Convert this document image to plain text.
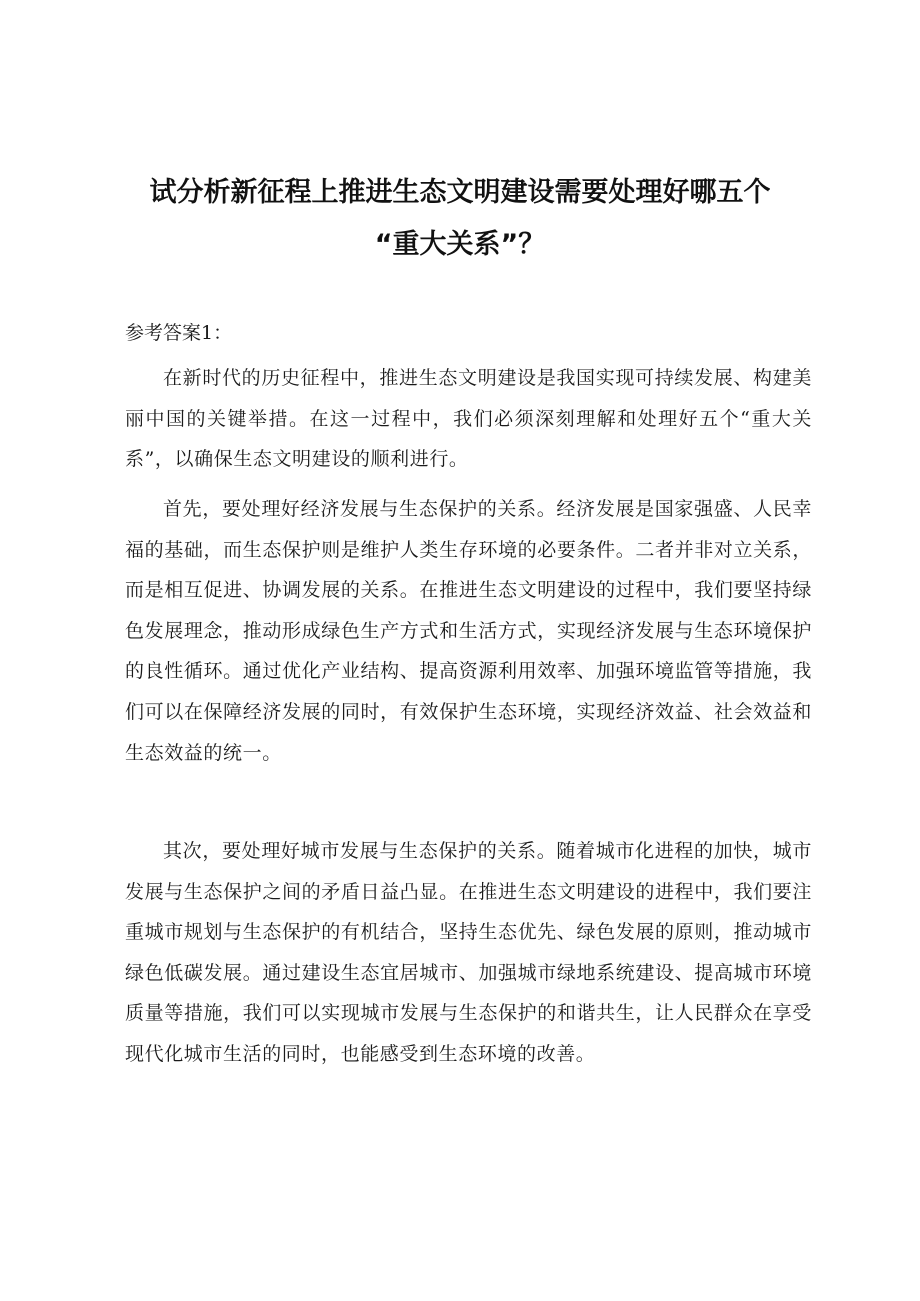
试分析新征程上推进生态文明建设需要处理好哪五个
“重大关系”？

参考答案1：

在新时代的历史征程中，推进生态文明建设是我国实现可持续发展、构建美丽中国的关键举措。在这一过程中，我们必须深刻理解和处理好五个“重大关系”，以确保生态文明建设的顺利进行。

首先，要处理好经济发展与生态保护的关系。经济发展是国家强盛、人民幸福的基础，而生态保护则是维护人类生存环境的必要条件。二者并非对立关系，而是相互促进、协调发展的关系。在推进生态文明建设的过程中，我们要坚持绿色发展理念，推动形成绿色生产方式和生活方式，实现经济发展与生态环境保护的良性循环。通过优化产业结构、提高资源利用效率、加强环境监管等措施，我们可以在保障经济发展的同时，有效保护生态环境，实现经济效益、社会效益和生态效益的统一。

其次，要处理好城市发展与生态保护的关系。随着城市化进程的加快，城市发展与生态保护之间的矛盾日益凸显。在推进生态文明建设的进程中，我们要注重城市规划与生态保护的有机结合，坚持生态优先、绿色发展的原则，推动城市绿色低碳发展。通过建设生态宜居城市、加强城市绿地系统建设、提高城市环境质量等措施，我们可以实现城市发展与生态保护的和谐共生，让人民群众在享受现代化城市生活的同时，也能感受到生态环境的改善。
